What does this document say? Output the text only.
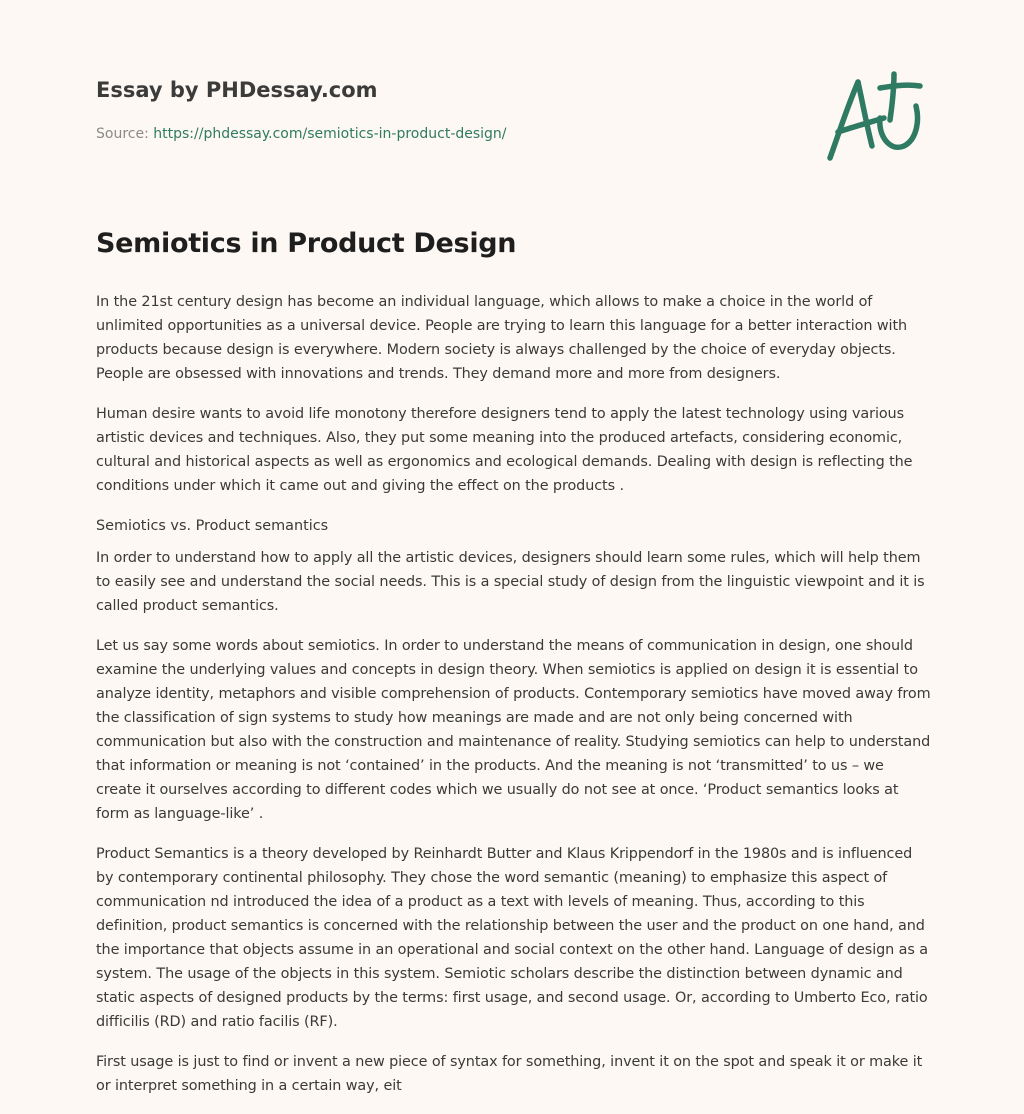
Essay by PHDessay.com
Source: https://phdessay.com/semiotics-in-product-design/
Semiotics in Product Design

In the 21st century design has become an individual language, which allows to make a choice in the world of unlimited opportunities as a universal device. People are trying to learn this language for a better interaction with products because design is everywhere. Modern society is always challenged by the choice of everyday objects. People are obsessed with innovations and trends. They demand more and more from designers.

Human desire wants to avoid life monotony therefore designers tend to apply the latest technology using various artistic devices and techniques. Also, they put some meaning into the produced artefacts, considering economic, cultural and historical aspects as well as ergonomics and ecological demands. Dealing with design is reflecting the conditions under which it came out and giving the effect on the products .

Semiotics vs. Product semantics

In order to understand how to apply all the artistic devices, designers should learn some rules, which will help them to easily see and understand the social needs. This is a special study of design from the linguistic viewpoint and it is called product semantics.

Let us say some words about semiotics. In order to understand the means of communication in design, one should examine the underlying values and concepts in design theory. When semiotics is applied on design it is essential to analyze identity, metaphors and visible comprehension of products. Contemporary semiotics have moved away from the classification of sign systems to study how meanings are made and are not only being concerned with communication but also with the construction and maintenance of reality. Studying semiotics can help to understand that information or meaning is not ‘contained’ in the products. And the meaning is not ‘transmitted’ to us – we create it ourselves according to different codes which we usually do not see at once. ‘Product semantics looks at form as language-like’ .

Product Semantics is a theory developed by Reinhardt Butter and Klaus Krippendorf in the 1980s and is influenced by contemporary continental philosophy. They chose the word semantic (meaning) to emphasize this aspect of communication nd introduced the idea of a product as a text with levels of meaning. Thus, according to this definition, product semantics is concerned with the relationship between the user and the product on one hand, and the importance that objects assume in an operational and social context on the other hand. Language of design as a system. The usage of the objects in this system. Semiotic scholars describe the distinction between dynamic and static aspects of designed products by the terms: first usage, and second usage. Or, according to Umberto Eco, ratio difficilis (RD) and ratio facilis (RF).

First usage is just to find or invent a new piece of syntax for something, invent it on the spot and speak it or make it or interpret something in a certain way, eit
